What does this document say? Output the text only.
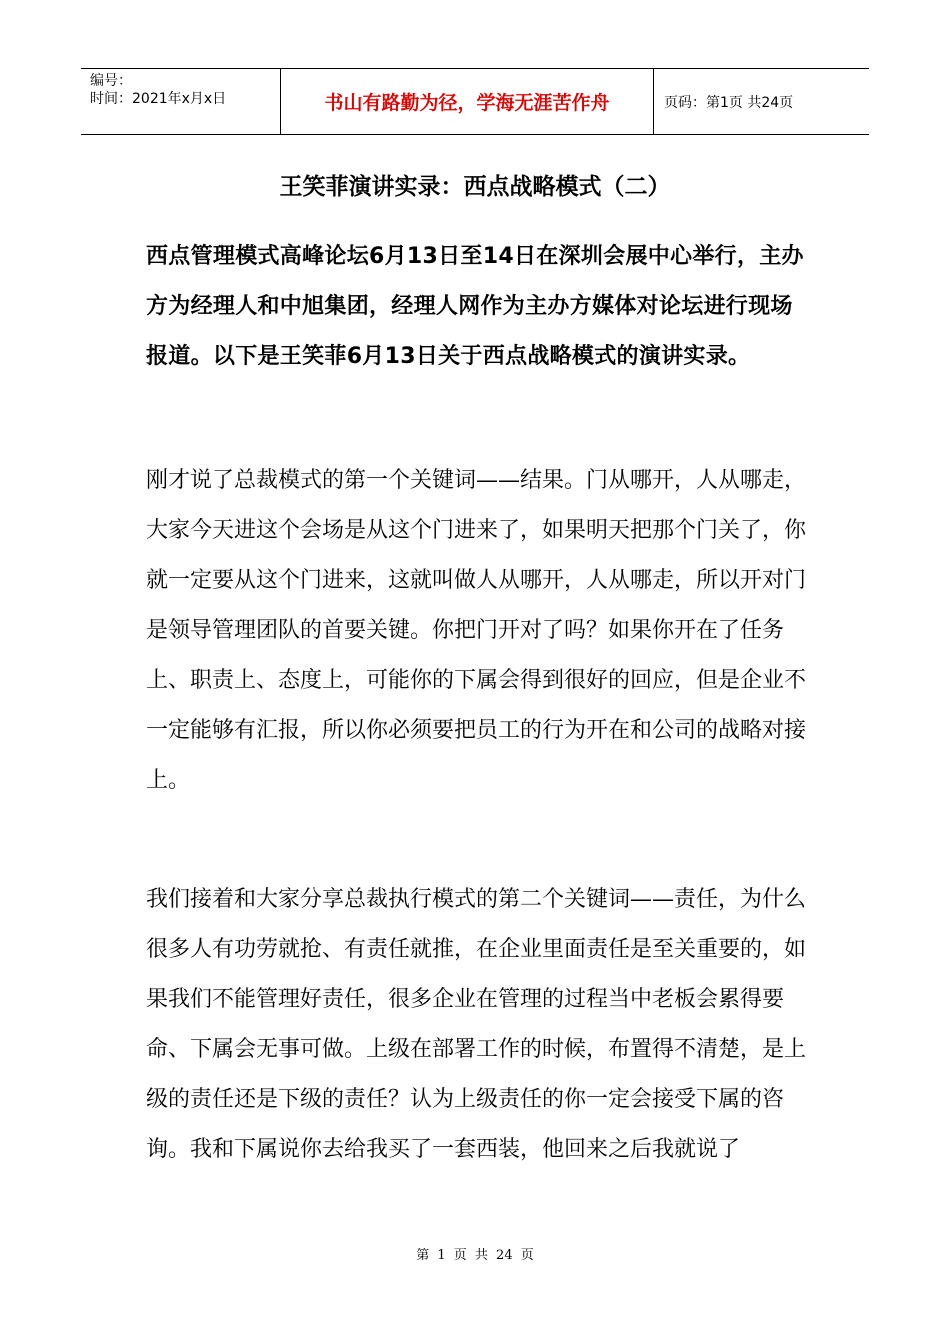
编号：
时间：2021年x月x日	书山有路勤为径，学海无涯苦作舟	页码：第1页 共24页
王笑菲演讲实录：西点战略模式（二）

西点管理模式高峰论坛6月13日至14日在深圳会展中心举行，主办方为经理人和中旭集团，经理人网作为主办方媒体对论坛进行现场报道。以下是王笑菲6月13日关于西点战略模式的演讲实录。

刚才说了总裁模式的第一个关键词——结果。门从哪开，人从哪走，大家今天进这个会场是从这个门进来了，如果明天把那个门关了，你就一定要从这个门进来，这就叫做人从哪开，人从哪走，所以开对门是领导管理团队的首要关键。你把门开对了吗？如果你开在了任务上、职责上、态度上，可能你的下属会得到很好的回应，但是企业不一定能够有汇报，所以你必须要把员工的行为开在和公司的战略对接上。

我们接着和大家分享总裁执行模式的第二个关键词——责任，为什么很多人有功劳就抢、有责任就推，在企业里面责任是至关重要的，如果我们不能管理好责任，很多企业在管理的过程当中老板会累得要命、下属会无事可做。上级在部署工作的时候，布置得不清楚，是上级的责任还是下级的责任？认为上级责任的你一定会接受下属的咨询。我和下属说你去给我买了一套西装，他回来之后我就说了

第 1 页 共 24 页
